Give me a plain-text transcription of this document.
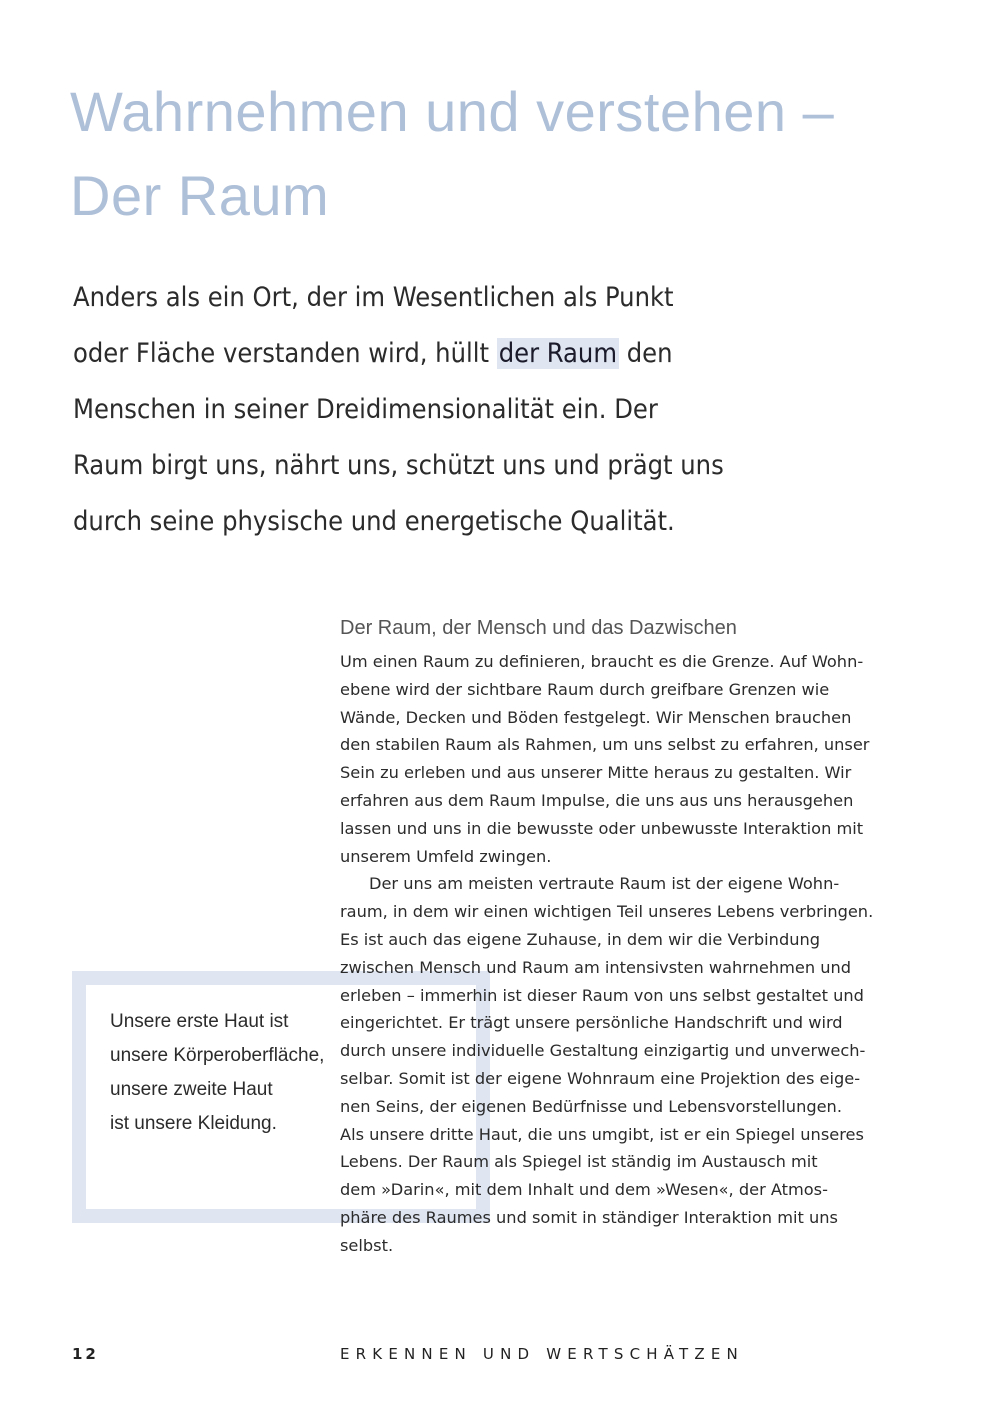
Wahrnehmen und verstehen –
Der Raum
Anders als ein Ort, der im Wesentlichen als Punkt
oder Fläche verstanden wird, hüllt der Raum den
Menschen in seiner Dreidimensionalität ein. Der
Raum birgt uns, nährt uns, schützt uns und prägt uns
durch seine physische und energetische Qualität.
Unsere erste Haut ist
unsere Körperoberfläche,
unsere zweite Haut
ist unsere Kleidung.
Der Raum, der Mensch und das Dazwischen
Um einen Raum zu definieren, braucht es die Grenze. Auf Wohn-
ebene wird der sichtbare Raum durch greifbare Grenzen wie
Wände, Decken und Böden festgelegt. Wir Menschen brauchen
den stabilen Raum als Rahmen, um uns selbst zu erfahren, unser
Sein zu erleben und aus unserer Mitte heraus zu gestalten. Wir
erfahren aus dem Raum Impulse, die uns aus uns herausgehen
lassen und uns in die bewusste oder unbewusste Interaktion mit
unserem Umfeld zwingen.
Der uns am meisten vertraute Raum ist der eigene Wohn-
raum, in dem wir einen wichtigen Teil unseres Lebens verbringen.
Es ist auch das eigene Zuhause, in dem wir die Verbindung
zwischen Mensch und Raum am intensivsten wahrnehmen und
erleben – immerhin ist dieser Raum von uns selbst gestaltet und
eingerichtet. Er trägt unsere persönliche Handschrift und wird
durch unsere individuelle Gestaltung einzigartig und unverwech-
selbar. Somit ist der eigene Wohnraum eine Projektion des eige-
nen Seins, der eigenen Bedürfnisse und Lebensvorstellungen.
Als unsere dritte Haut, die uns umgibt, ist er ein Spiegel unseres
Lebens. Der Raum als Spiegel ist ständig im Austausch mit
dem »Darin«, mit dem Inhalt und dem »Wesen«, der Atmos-
phäre des Raumes und somit in ständiger Interaktion mit uns
selbst.
12	ERKENNEN UND WERTSCHÄTZEN
